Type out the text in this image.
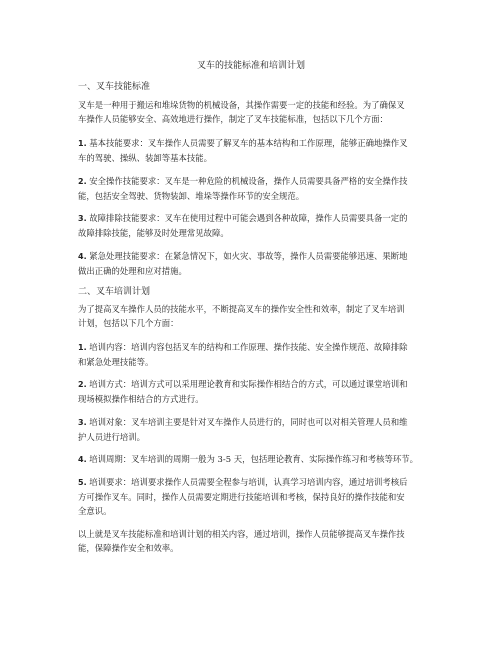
叉车的技能标准和培训计划
一、叉车技能标准
叉车是一种用于搬运和堆垛货物的机械设备，其操作需要一定的技能和经验。为了确保叉
车操作人员能够安全、高效地进行操作，制定了叉车技能标准，包括以下几个方面：
1. 基本技能要求：叉车操作人员需要了解叉车的基本结构和工作原理，能够正确地操作叉
车的驾驶、操纵、装卸等基本技能。
2. 安全操作技能要求：叉车是一种危险的机械设备，操作人员需要具备严格的安全操作技
能，包括安全驾驶、货物装卸、堆垛等操作环节的安全规范。
3. 故障排除技能要求：叉车在使用过程中可能会遇到各种故障，操作人员需要具备一定的
故障排除技能，能够及时处理常见故障。
4. 紧急处理技能要求：在紧急情况下，如火灾、事故等，操作人员需要能够迅速、果断地
做出正确的处理和应对措施。
二、叉车培训计划
为了提高叉车操作人员的技能水平，不断提高叉车的操作安全性和效率，制定了叉车培训
计划，包括以下几个方面：
1. 培训内容：培训内容包括叉车的结构和工作原理、操作技能、安全操作规范、故障排除
和紧急处理技能等。
2. 培训方式：培训方式可以采用理论教育和实际操作相结合的方式，可以通过课堂培训和
现场模拟操作相结合的方式进行。
3. 培训对象：叉车培训主要是针对叉车操作人员进行的，同时也可以对相关管理人员和维
护人员进行培训。
4. 培训周期：叉车培训的周期一般为 3-5 天，包括理论教育、实际操作练习和考核等环节。
5. 培训要求：培训要求操作人员需要全程参与培训，认真学习培训内容，通过培训考核后
方可操作叉车。同时，操作人员需要定期进行技能培训和考核，保持良好的操作技能和安
全意识。
以上就是叉车技能标准和培训计划的相关内容，通过培训，操作人员能够提高叉车操作技
能，保障操作安全和效率。
